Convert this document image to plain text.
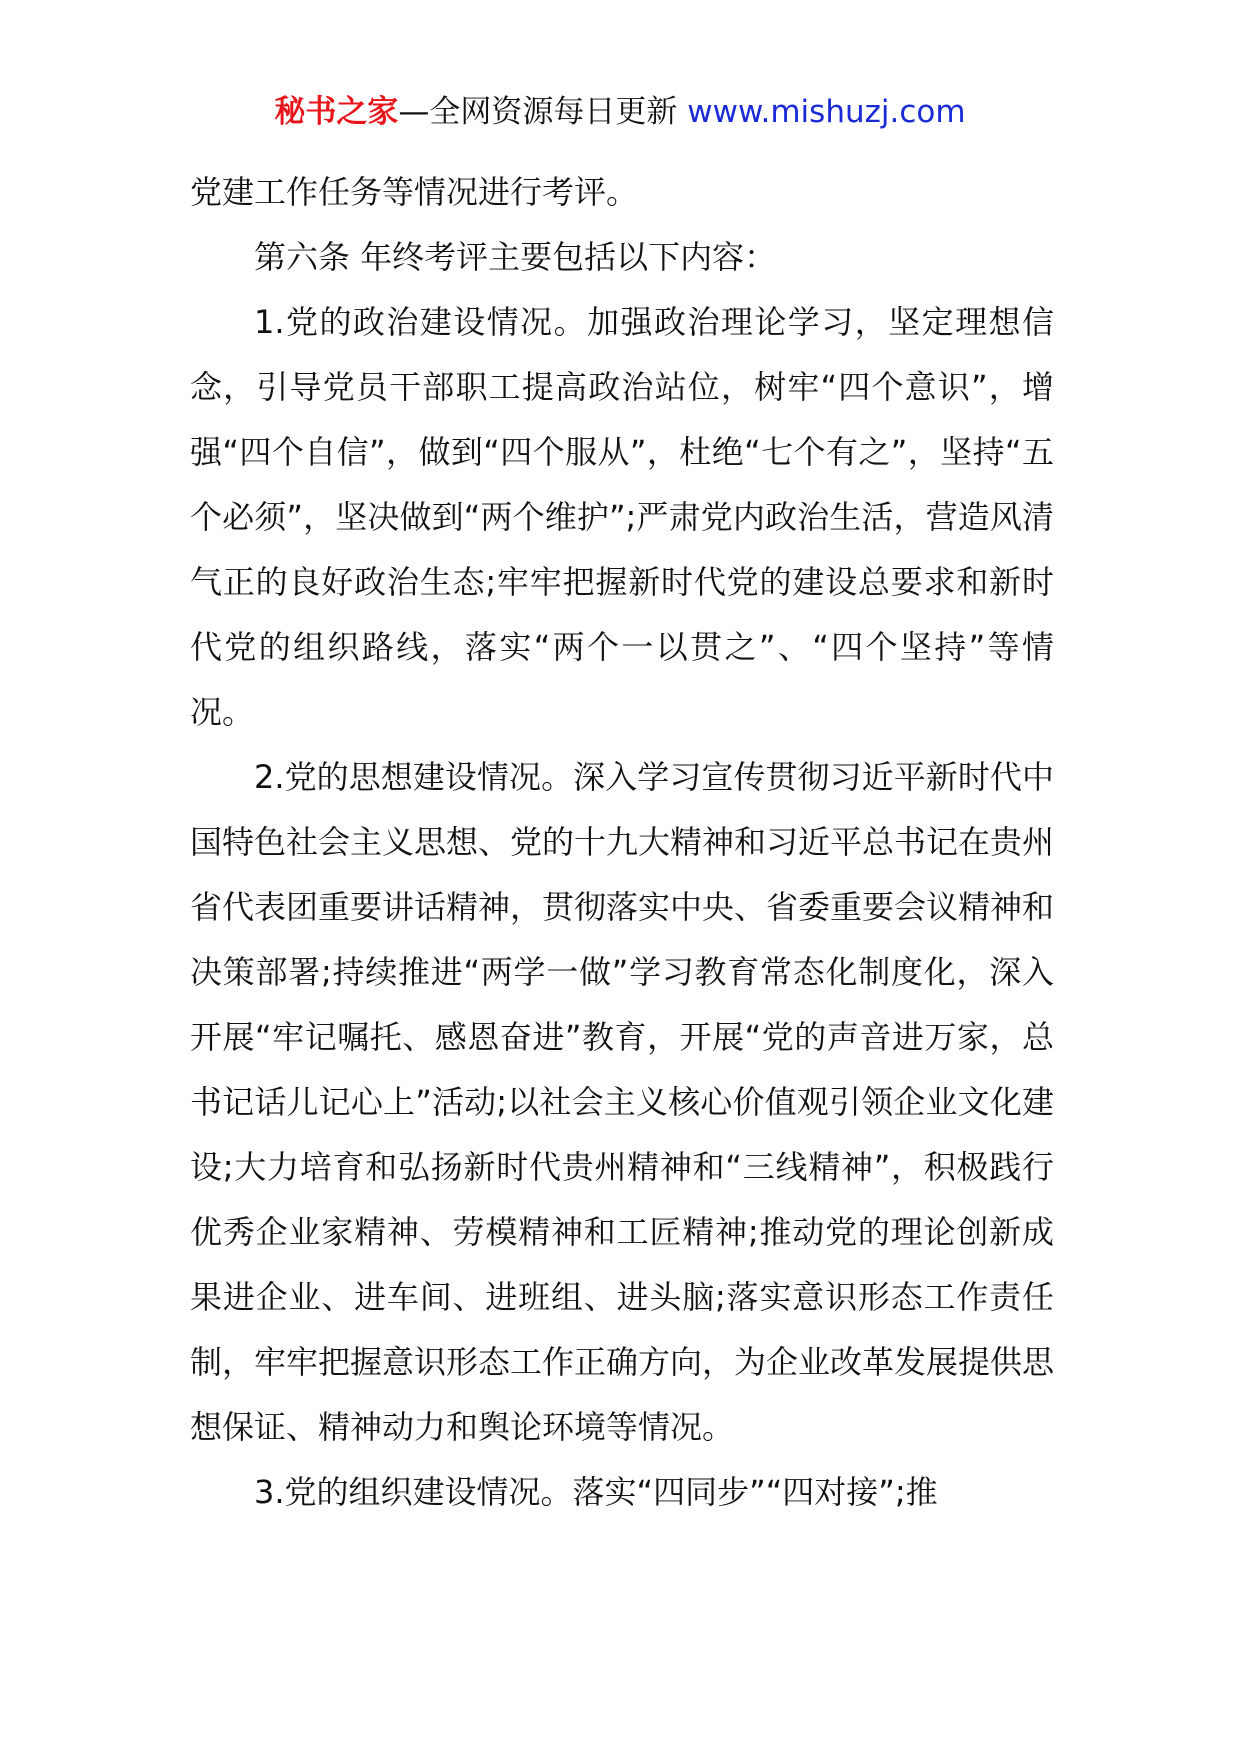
秘书之家—全网资源每日更新 www.mishuzj.com

党建工作任务等情况进行考评。

第六条 年终考评主要包括以下内容：

1.党的政治建设情况。加强政治理论学习，坚定理想信念，引导党员干部职工提高政治站位，树牢“四个意识”，增强“四个自信”，做到“四个服从”，杜绝“七个有之”，坚持“五个必须”，坚决做到“两个维护”;严肃党内政治生活，营造风清气正的良好政治生态;牢牢把握新时代党的建设总要求和新时代党的组织路线，落实“两个一以贯之”、“四个坚持”等情况。

2.党的思想建设情况。深入学习宣传贯彻习近平新时代中国特色社会主义思想、党的十九大精神和习近平总书记在贵州省代表团重要讲话精神，贯彻落实中央、省委重要会议精神和决策部署;持续推进“两学一做”学习教育常态化制度化，深入开展“牢记嘱托、感恩奋进”教育，开展“党的声音进万家，总书记话儿记心上”活动;以社会主义核心价值观引领企业文化建设;大力培育和弘扬新时代贵州精神和“三线精神”，积极践行优秀企业家精神、劳模精神和工匠精神;推动党的理论创新成果进企业、进车间、进班组、进头脑;落实意识形态工作责任制，牢牢把握意识形态工作正确方向，为企业改革发展提供思想保证、精神动力和舆论环境等情况。

3.党的组织建设情况。落实“四同步”“四对接”;推
